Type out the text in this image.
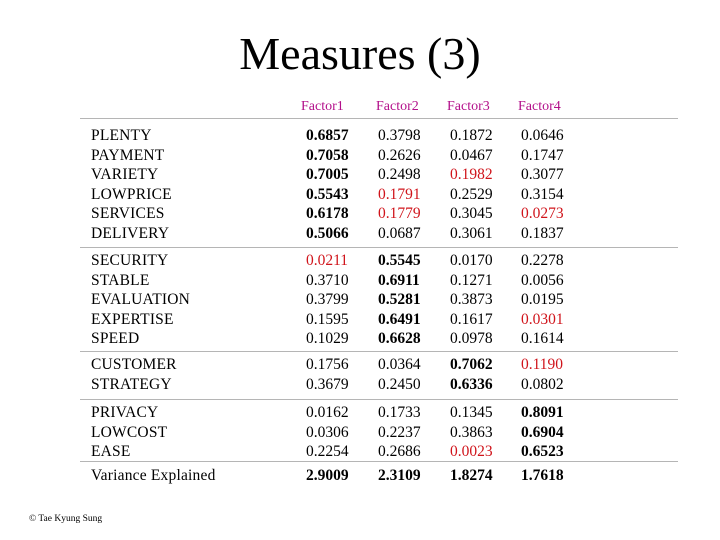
Measures (3)
Factor1 Factor2 Factor3 Factor4
PLENTY
PAYMENT
VARIETY
LOWPRICE
SERVICES
DELIVERY
0.6857
0.7058
0.7005
0.5543
0.6178
0.5066
0.3798
0.2626
0.2498
0.1791
0.1779
0.0687
0.1872
0.0467
0.1982
0.2529
0.3045
0.3061
0.0646
0.1747
0.3077
0.3154
0.0273
0.1837
SECURITY
STABLE
EVALUATION
EXPERTISE
SPEED
0.0211
0.3710
0.3799
0.1595
0.1029
0.5545
0.6911
0.5281
0.6491
0.6628
0.0170
0.1271
0.3873
0.1617
0.0978
0.2278
0.0056
0.0195
0.0301
0.1614
CUSTOMER
STRATEGY
0.1756
0.3679
0.0364
0.2450
0.7062
0.6336
0.1190
0.0802
PRIVACY
LOWCOST
EASE
0.0162
0.0306
0.2254
0.1733
0.2237
0.2686
0.1345
0.3863
0.0023
0.8091
0.6904
0.6523
Variance Explained	2.9009 2.3109 1.8274 1.7618
© Tae Kyung Sung
